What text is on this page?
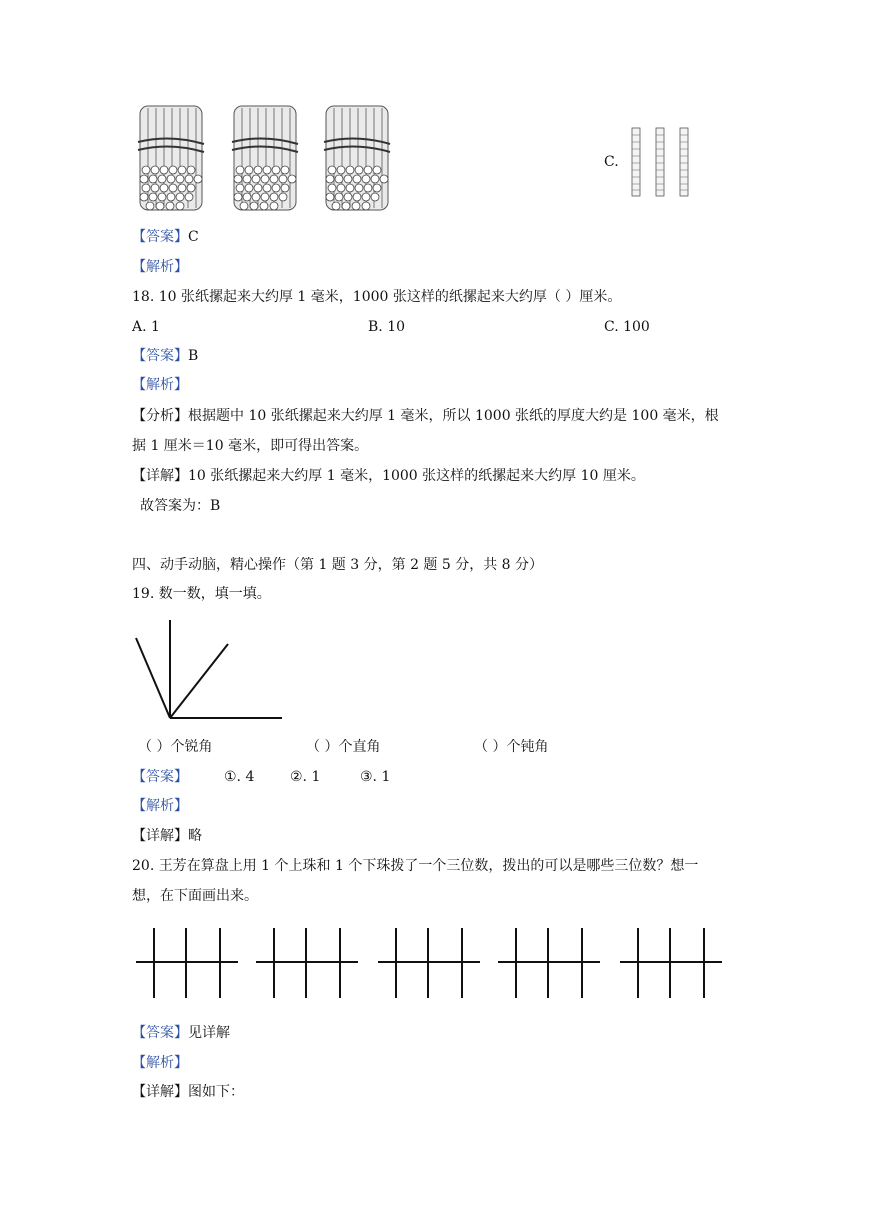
C.
【答案】C
【解析】
18. 10 张纸摞起来大约厚 1 毫米，1000 张这样的纸摞起来大约厚（ ）厘米。
A. 1	B. 10	C. 100
【答案】B
【解析】
【分析】根据题中 10 张纸摞起来大约厚 1 毫米，所以 1000 张纸的厚度大约是 100 毫米，根
据 1 厘米＝10 毫米，即可得出答案。
【详解】10 张纸摞起来大约厚 1 毫米，1000 张这样的纸摞起来大约厚 10 厘米。
故答案为：B
四、动手动脑，精心操作（第 1 题 3 分，第 2 题 5 分，共 8 分）
19. 数一数，填一填。
（ ）个锐角	（ ）个直角	（ ）个钝角
【答案】	①. 4	②. 1	③. 1
【解析】
【详解】略
20. 王芳在算盘上用 1 个上珠和 1 个下珠拨了一个三位数，拨出的可以是哪些三位数？想一
想，在下面画出来。
【答案】见详解
【解析】
【详解】图如下：
